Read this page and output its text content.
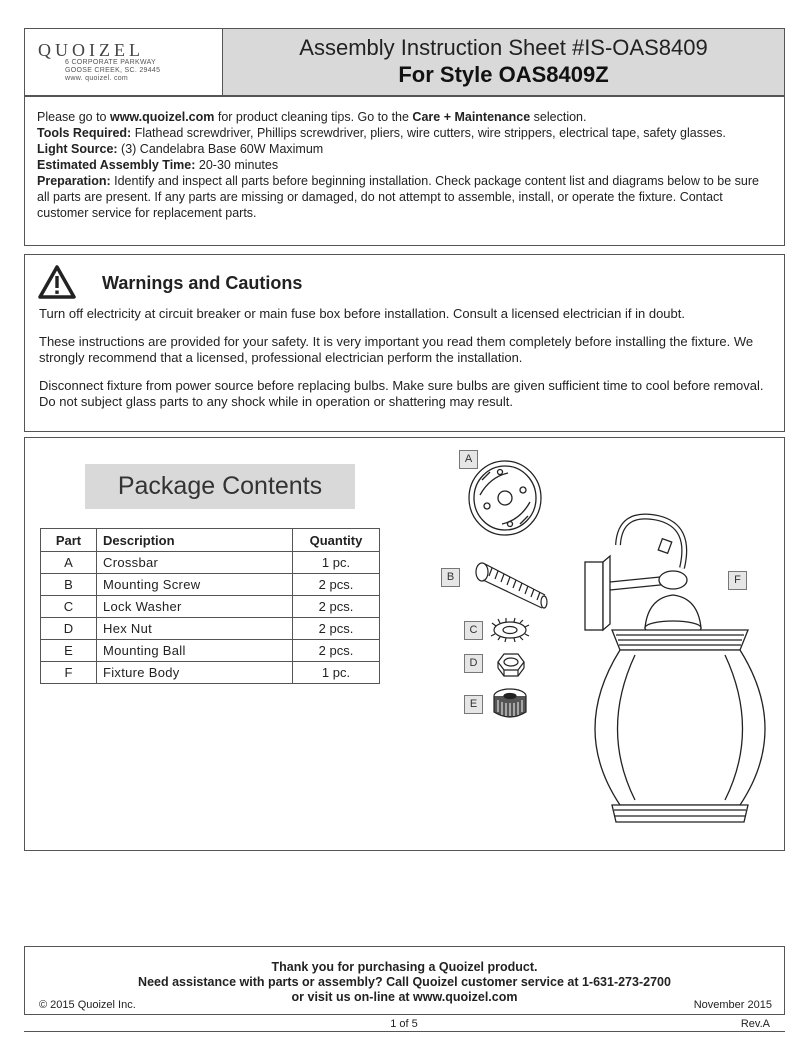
QUOIZEL
6 CORPORATE PARKWAY
GOOSE CREEK, SC. 29445
www. quoizel. com
Assembly Instruction Sheet #IS-OAS8409
For Style OAS8409Z

Please go to www.quoizel.com for product cleaning tips. Go to the Care + Maintenance selection.

Tools Required: Flathead screwdriver, Phillips screwdriver, pliers, wire cutters, wire strippers, electrical tape, safety glasses.

Light Source: (3) Candelabra Base 60W Maximum

Estimated Assembly Time: 20-30 minutes

Preparation: Identify and inspect all parts before beginning installation. Check package content list and diagrams below to be sure all parts are present. If any parts are missing or damaged, do not attempt to assemble, install, or operate the fixture. Contact customer service for replacement parts.

Warnings and Cautions

Turn off electricity at circuit breaker or main fuse box before installation. Consult a licensed electrician if in doubt.

These instructions are provided for your safety. It is very important you read them completely before installing the fixture. We strongly recommend that a licensed, professional electrician perform the installation.

Disconnect fixture from power source before replacing bulbs. Make sure bulbs are given sufficient time to cool before removal. Do not subject glass parts to any shock while in operation or shattering may result.

Package Contents
Part	Description	Quantity
A	Crossbar	1 pc.
B	Mounting Screw	2 pcs.
C	Lock Washer	2 pcs.
D	Hex Nut	2 pcs.
E	Mounting Ball	2 pcs.
F	Fixture Body	1 pc.
A
B
C
D
E
F
Thank you for purchasing a Quoizel product.
Need assistance with parts or assembly? Call Quoizel customer service at 1-631-273-2700
or visit us on-line at www.quoizel.com
© 2015 Quoizel Inc.	November 2015
1 of 5	Rev.A
